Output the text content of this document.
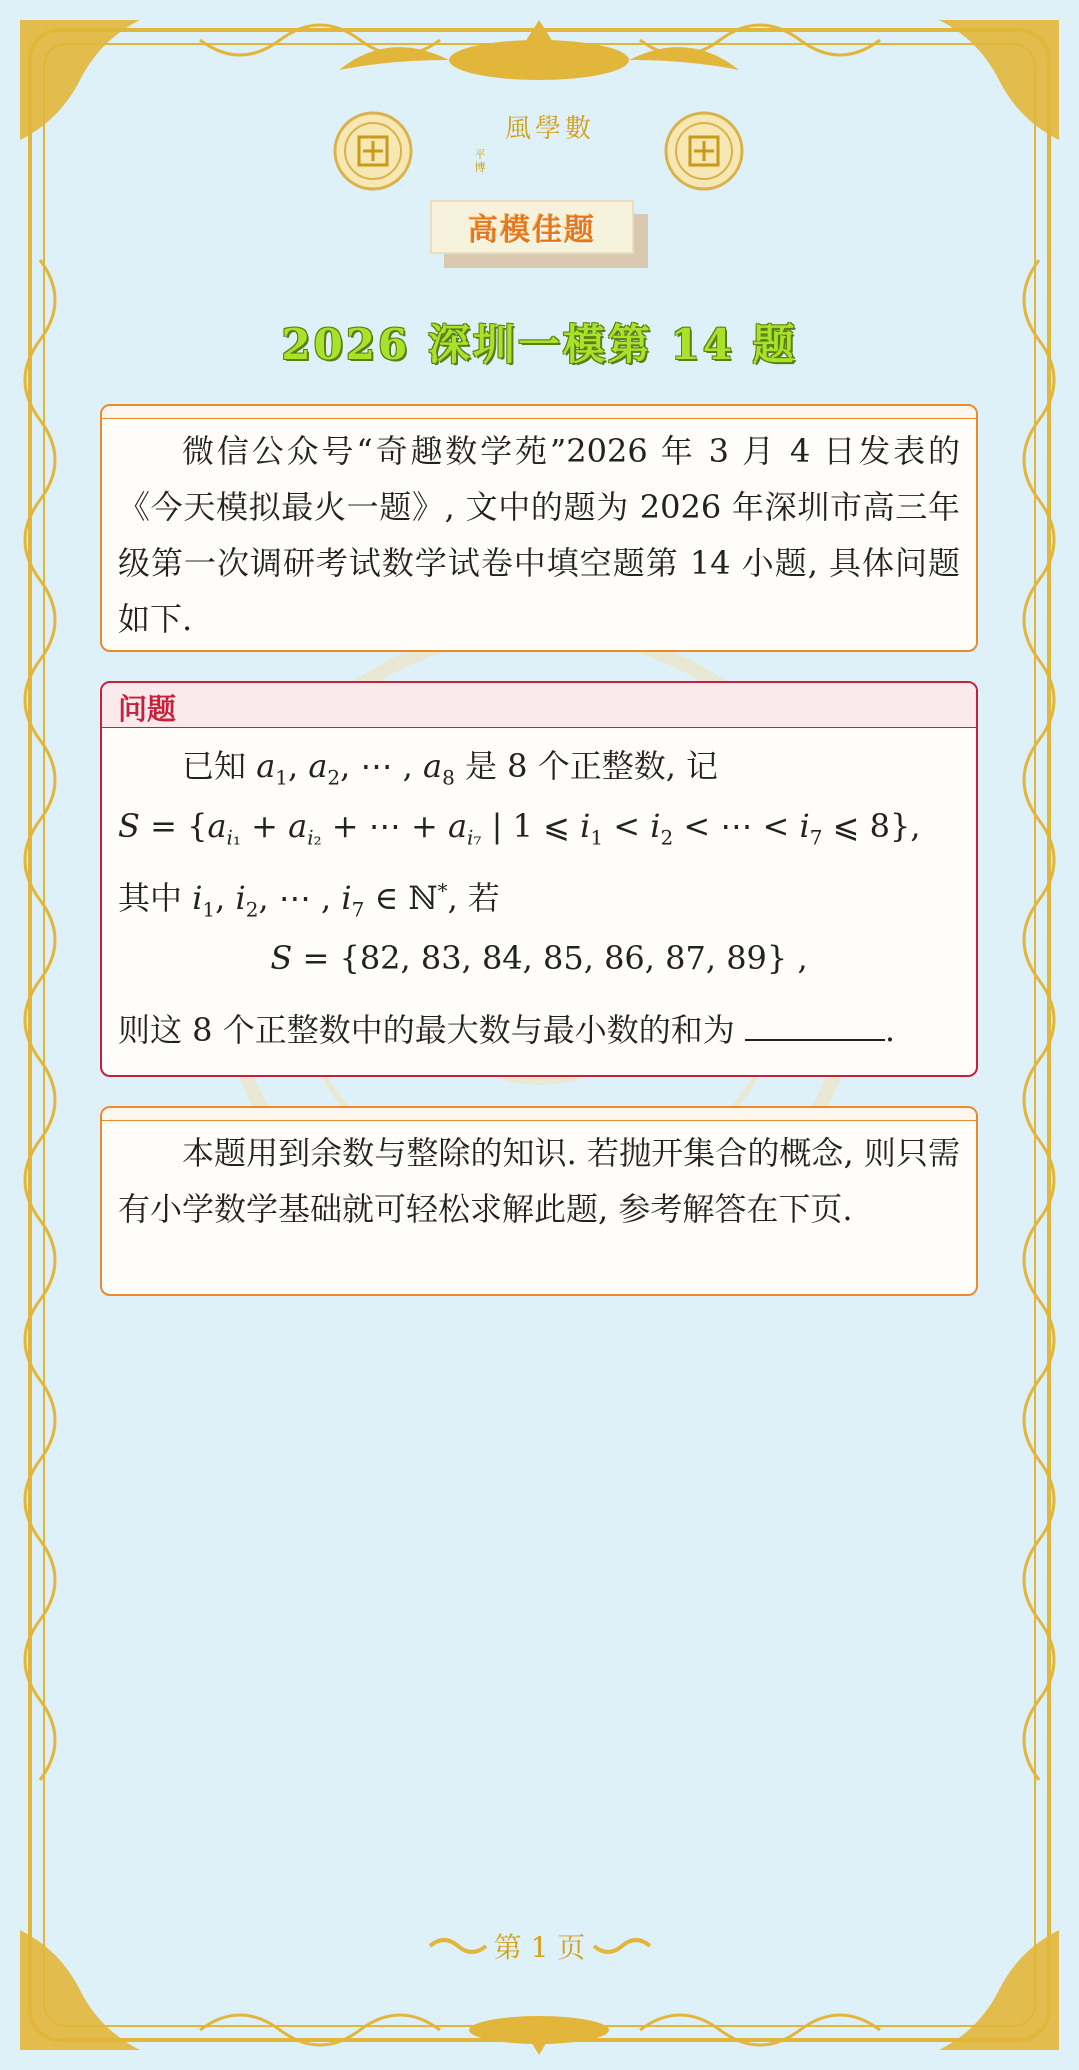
風學數
平博
高模佳题
2026 深圳一模第 14 题
微信公众号“奇趣数学苑”2026 年 3 月 4 日发表的《今天模拟最火一题》, 文中的题为 2026 年深圳市高三年级第一次调研考试数学试卷中填空题第 14 小题, 具体问题如下.
问题
已知 $a_1$, $a_2$, ⋯ , $a_8$ 是 8 个正整数, 记
$S = \{a_{i_1} + a_{i_2}$ + ⋯ + $a_{i_7}$ | 1 ⩽ $i_1 < i_2$ < ⋯ < $i_7$ ⩽ 8},
其中 $i_1$, $i_2$, ⋯ , $i_7$ ∈ ℕ*, 若
S = {82, 83, 84, 85, 86, 87, 89} ,
则这 8 个正整数中的最大数与最小数的和为	.
本题用到余数与整除的知识. 若抛开集合的概念, 则只需有小学数学基础就可轻松求解此题, 参考解答在下页.
第 1 页
